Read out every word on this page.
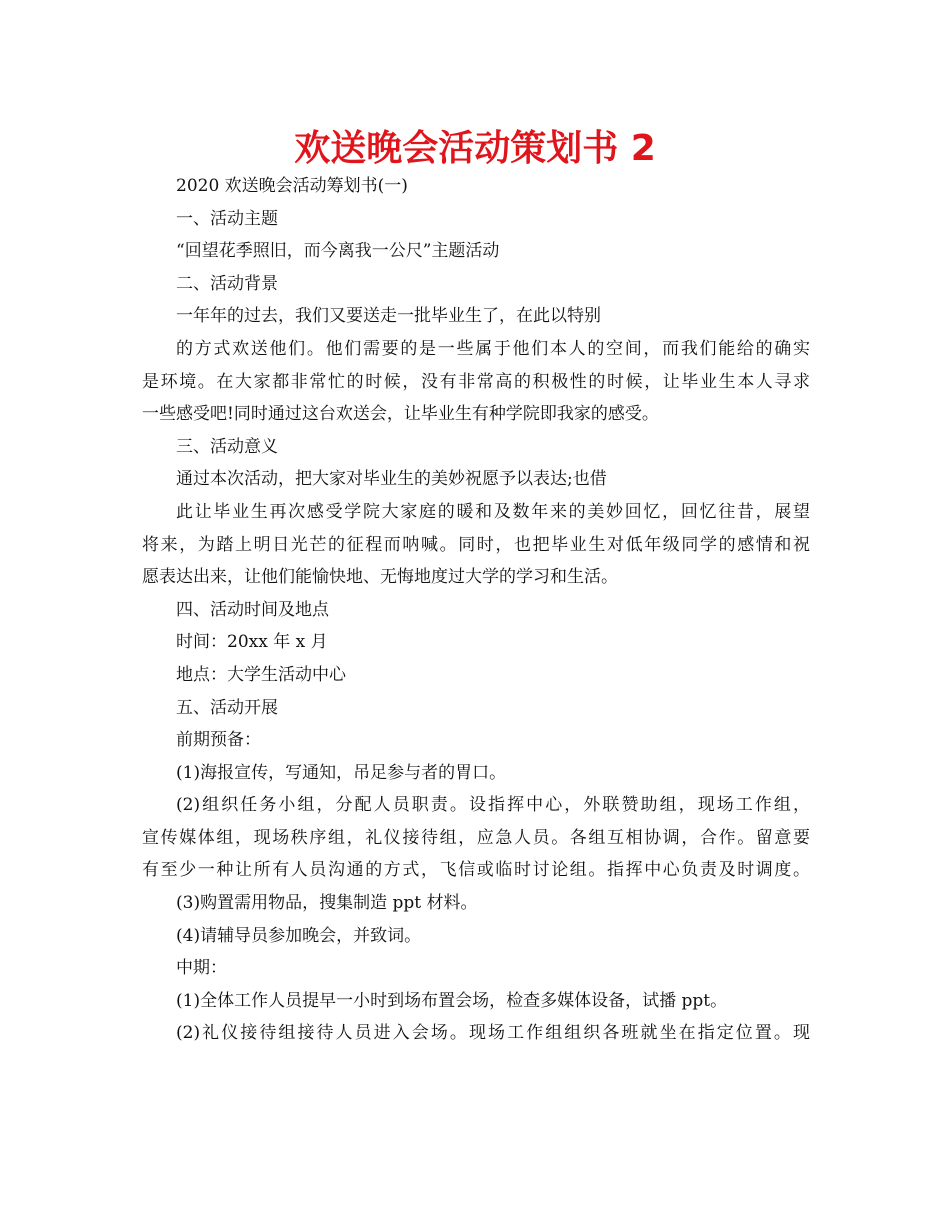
欢送晚会活动策划书 2

2020 欢送晚会活动筹划书(一)

一、活动主题

“回望花季照旧，而今离我一公尺”主题活动

二、活动背景

一年年的过去，我们又要送走一批毕业生了，在此以特别

的方式欢送他们。他们需要的是一些属于他们本人的空间，而我们能给的确实

是环境。在大家都非常忙的时候，没有非常高的积极性的时候，让毕业生本人寻求

一些感受吧!同时通过这台欢送会，让毕业生有种学院即我家的感受。

三、活动意义

通过本次活动，把大家对毕业生的美妙祝愿予以表达;也借

此让毕业生再次感受学院大家庭的暖和及数年来的美妙回忆，回忆往昔，展望

将来，为踏上明日光芒的征程而呐喊。同时，也把毕业生对低年级同学的感情和祝

愿表达出来，让他们能愉快地、无悔地度过大学的学习和生活。

四、活动时间及地点

时间：20xx 年 x 月

地点：大学生活动中心

五、活动开展

前期预备：

(1)海报宣传，写通知，吊足参与者的胃口。

(2)组织任务小组，分配人员职责。设指挥中心，外联赞助组，现场工作组，

宣传媒体组，现场秩序组，礼仪接待组，应急人员。各组互相协调，合作。留意要

有至少一种让所有人员沟通的方式，飞信或临时讨论组。指挥中心负责及时调度。

(3)购置需用物品，搜集制造 ppt 材料。

(4)请辅导员参加晚会，并致词。

中期：

(1)全体工作人员提早一小时到场布置会场，检查多媒体设备，试播 ppt。

(2)礼仪接待组接待人员进入会场。现场工作组组织各班就坐在指定位置。现
